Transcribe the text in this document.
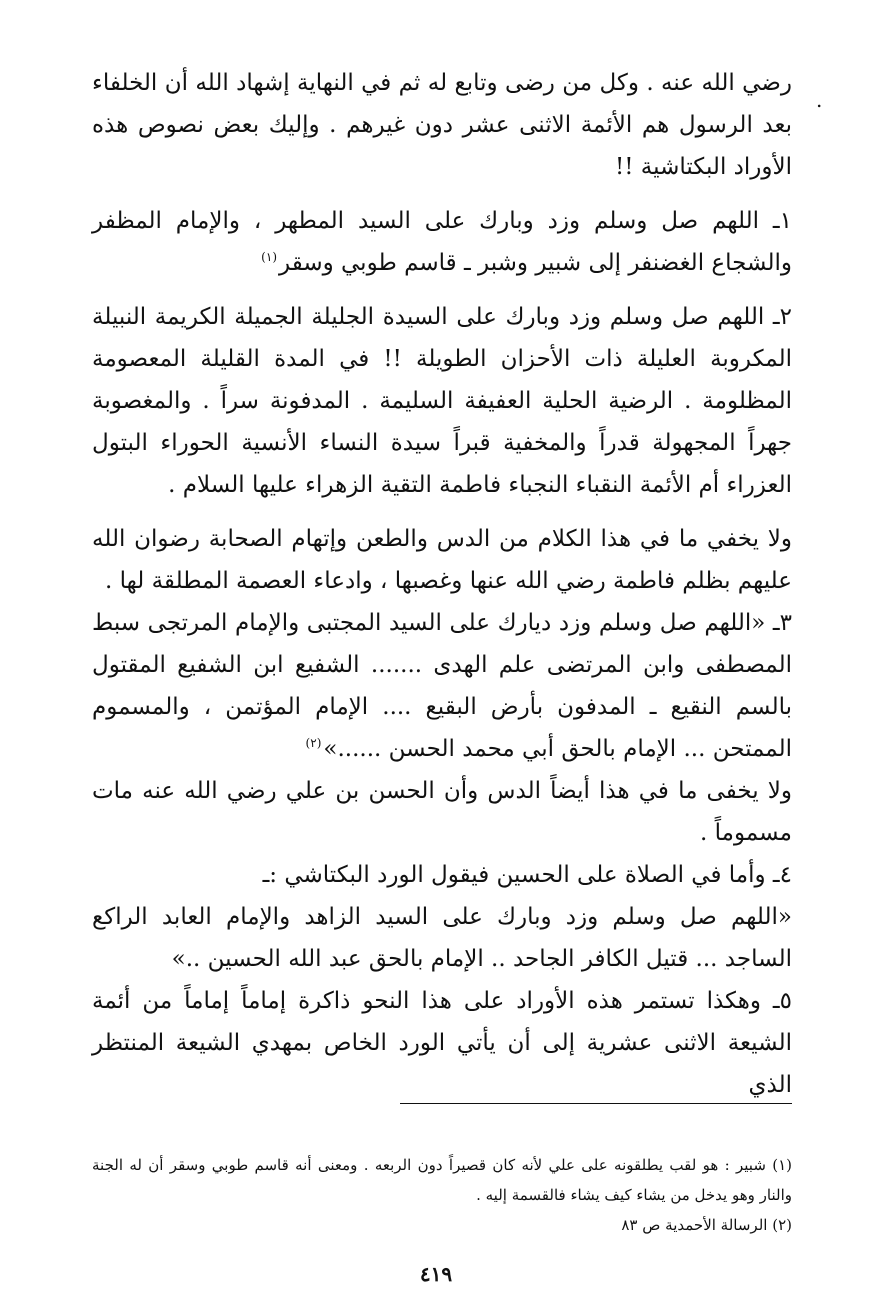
.

رضي الله عنه . وكل من رضى وتابع له ثم في النهاية إشهاد الله أن الخلفاء بعد الرسول هم الأئمة الاثنى عشر دون غيرهم . وإليك بعض نصوص هذه الأوراد البكتاشية !!

١ـ اللهم صل وسلم وزد وبارك على السيد المطهر ، والإمام المظفر والشجاع الغضنفر إلى شبير وشبر ـ قاسم طوبي وسقر$^{(١)}$

٢ـ اللهم صل وسلم وزد وبارك على السيدة الجليلة الجميلة الكريمة النبيلة المكروبة العليلة ذات الأحزان الطويلة !! في المدة القليلة المعصومة المظلومة . الرضية الحلية العفيفة السليمة . المدفونة سراً . والمغصوبة جهراً المجهولة قدراً والمخفية قبراً سيدة النساء الأنسية الحوراء البتول العزراء أم الأئمة النقباء النجباء فاطمة التقية الزهراء عليها السلام .

ولا يخفي ما في هذا الكلام من الدس والطعن وإتهام الصحابة رضوان الله عليهم بظلم فاطمة رضي الله عنها وغصبها ، وادعاء العصمة المطلقة لها .

٣ـ «اللهم صل وسلم وزد ديارك على السيد المجتبى والإمام المرتجى سبط المصطفى وابن المرتضى علم الهدى ....... الشفيع ابن الشفيع المقتول بالسم النقيع ـ المدفون بأرض البقيع .... الإمام المؤتمن ، والمسموم الممتحن ... الإمام بالحق أبي محمد الحسن ......»$^{(٢)}$

ولا يخفى ما في هذا أيضاً الدس وأن الحسن بن علي رضي الله عنه مات مسموماً .

٤ـ وأما في الصلاة على الحسين فيقول الورد البكتاشي :ـ

«اللهم صل وسلم وزد وبارك على السيد الزاهد والإمام العابد الراكع الساجد ... قتيل الكافر الجاحد .. الإمام بالحق عبد الله الحسين ..»

٥ـ وهكذا تستمر هذه الأوراد على هذا النحو ذاكرة إماماً إماماً من أئمة الشيعة الاثنى عشرية إلى أن يأتي الورد الخاص بمهدي الشيعة المنتظر الذي

(١) شبير : هو لقب يطلقونه على علي لأنه كان قصيراً دون الربعه . ومعنى أنه قاسم طوبي وسقر أن له الجنة والنار وهو يدخل من يشاء كيف يشاء فالقسمة إليه .

(٢) الرسالة الأحمدية ص ٨٣

٤١٩
